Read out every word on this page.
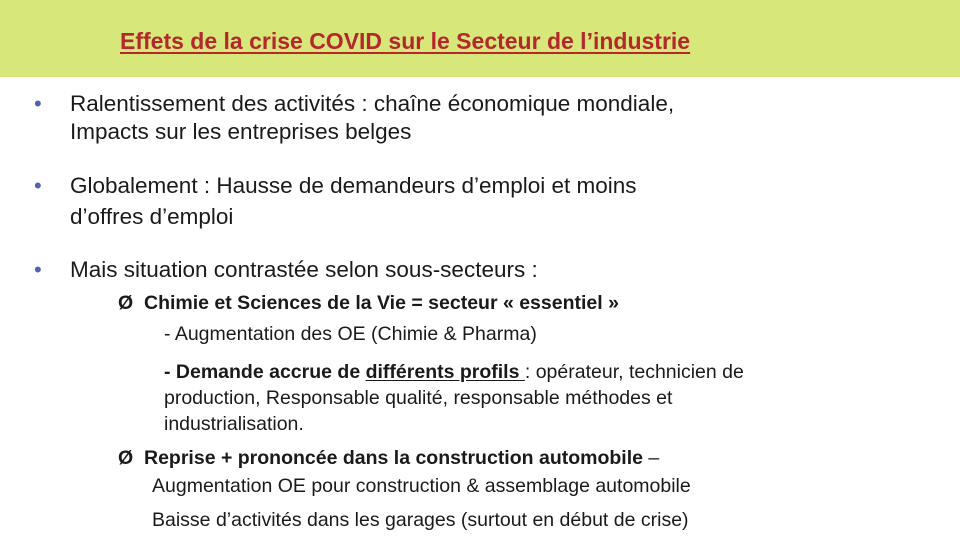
Effets de la crise COVID sur le Secteur de l’industrie
• Ralentissement des activités : chaîne économique mondiale,
Impacts sur les entreprises belges
• Globalement : Hausse de demandeurs d’emploi et moins
d’offres d’emploi
• Mais situation contrastée selon sous-secteurs :
Ø Chimie et Sciences de la Vie = secteur « essentiel »
- Augmentation des OE (Chimie & Pharma)
- Demande accrue de différents profils : opérateur, technicien de
production, Responsable qualité, responsable méthodes et
industrialisation.
Ø Reprise + prononcée dans la construction automobile –
Augmentation OE pour construction & assemblage automobile
Baisse d’activités dans les garages (surtout en début de crise)
